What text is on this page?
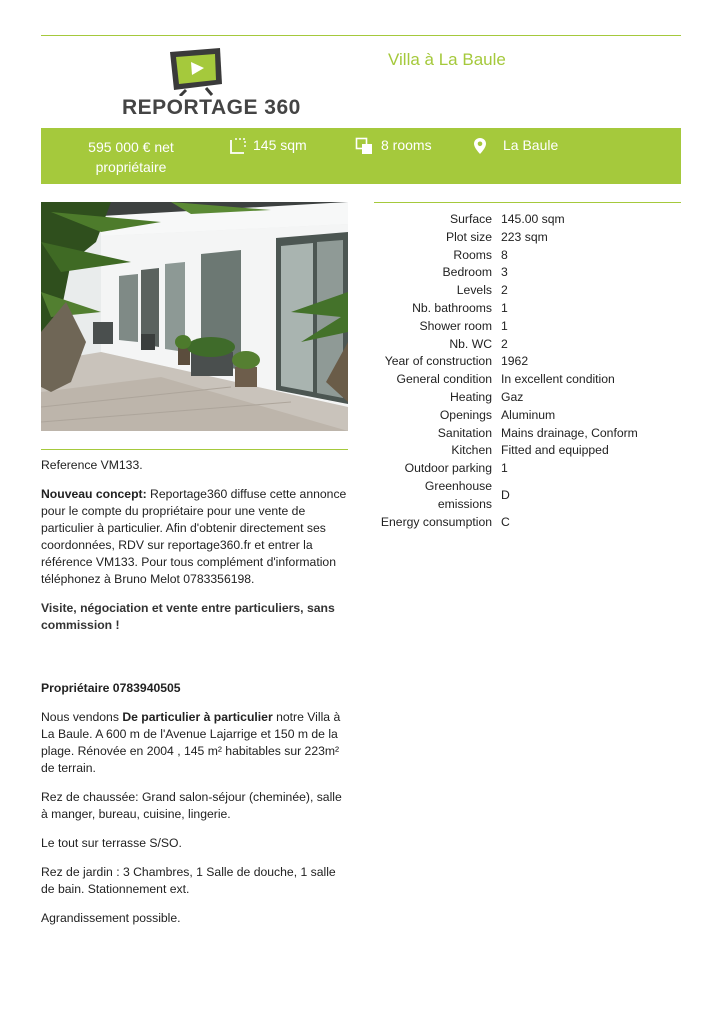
REPORTAGE 360
Villa à La Baule
595 000 € net
propriétaire
145 sqm	8 rooms	La Baule

Reference VM133.

Nouveau concept: Reportage360 diffuse cette annonce pour le compte du propriétaire pour une vente de particulier à particulier. Afin d'obtenir directement ses coordonnées, RDV sur reportage360.fr et entrer la référence VM133. Pour tous complément d'information téléphonez à Bruno Melot 0783356198.

Visite, négociation et vente entre particuliers, sans commission !

Propriétaire 0783940505

Nous vendons De particulier à particulier notre Villa à La Baule. A 600 m de l'Avenue Lajarrige et 150 m de la plage. Rénovée en 2004 , 145 m² habitables sur 223m² de terrain.

Rez de chaussée: Grand salon-séjour (cheminée), salle à manger, bureau, cuisine, lingerie.

Le tout sur terrasse S/SO.

Rez de jardin : 3 Chambres, 1 Salle de douche, 1 salle de bain. Stationnement ext.

Agrandissement possible.

Surface	145.00 sqm
Plot size	223 sqm
Rooms	8
Bedroom	3
Levels	2
Nb. bathrooms	1
Shower room	1
Nb. WC	2
Year of construction	1962
General condition	In excellent condition
Heating	Gaz
Openings	Aluminum
Sanitation	Mains drainage, Conform
Kitchen	Fitted and equipped
Outdoor parking	1
Greenhouse emissions	D
Energy consumption	C
